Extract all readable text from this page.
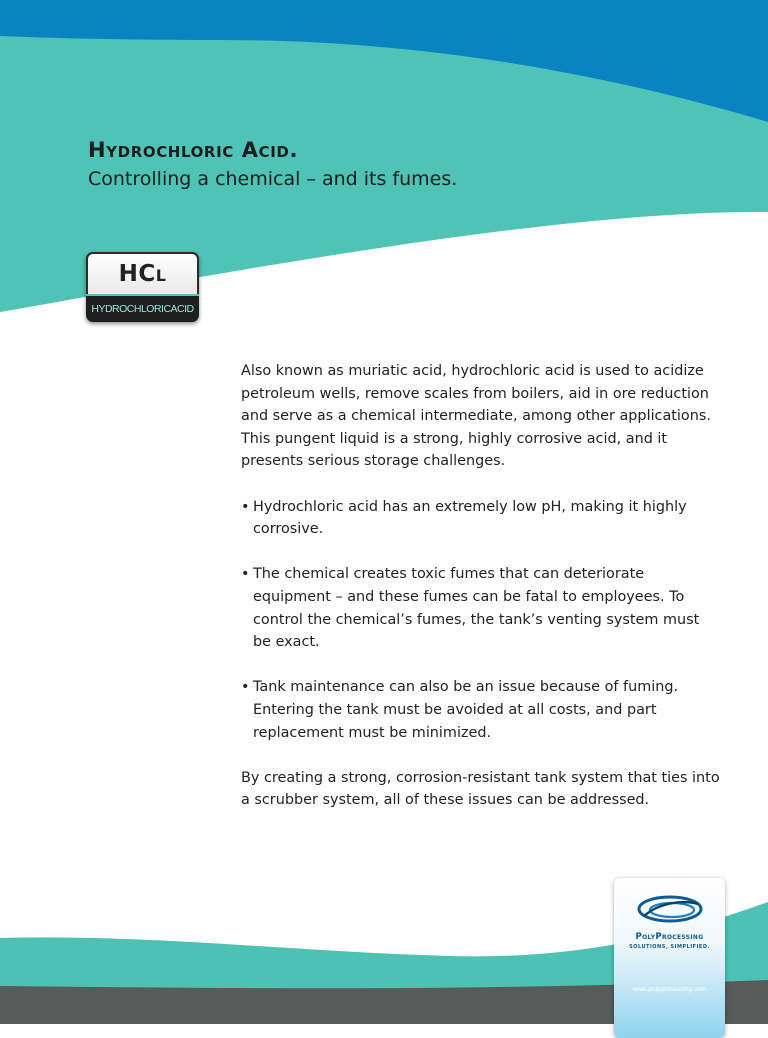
Hydrochloric Acid.
Controlling a chemical – and its fumes.
HCl
HYDROCHLORICACID

Also known as muriatic acid, hydrochloric acid is used to acidize petroleum wells, remove scales from boilers, aid in ore reduction and serve as a chemical intermediate, among other applications. This pungent liquid is a strong, highly corrosive acid, and it presents serious storage challenges.

• Hydrochloric acid has an extremely low pH, making it highly corrosive.
• The chemical creates toxic fumes that can deteriorate equipment – and these fumes can be fatal to employees. To control the chemical’s fumes, the tank’s venting system must be exact.
• Tank maintenance can also be an issue because of fuming. Entering the tank must be avoided at all costs, and part replacement must be minimized.

By creating a strong, corrosion-resistant tank system that ties into a scrubber system, all of these issues can be addressed.

PolyProcessing
SOLUTIONS, SIMPLIFIED.
www.polyprocessing.com
